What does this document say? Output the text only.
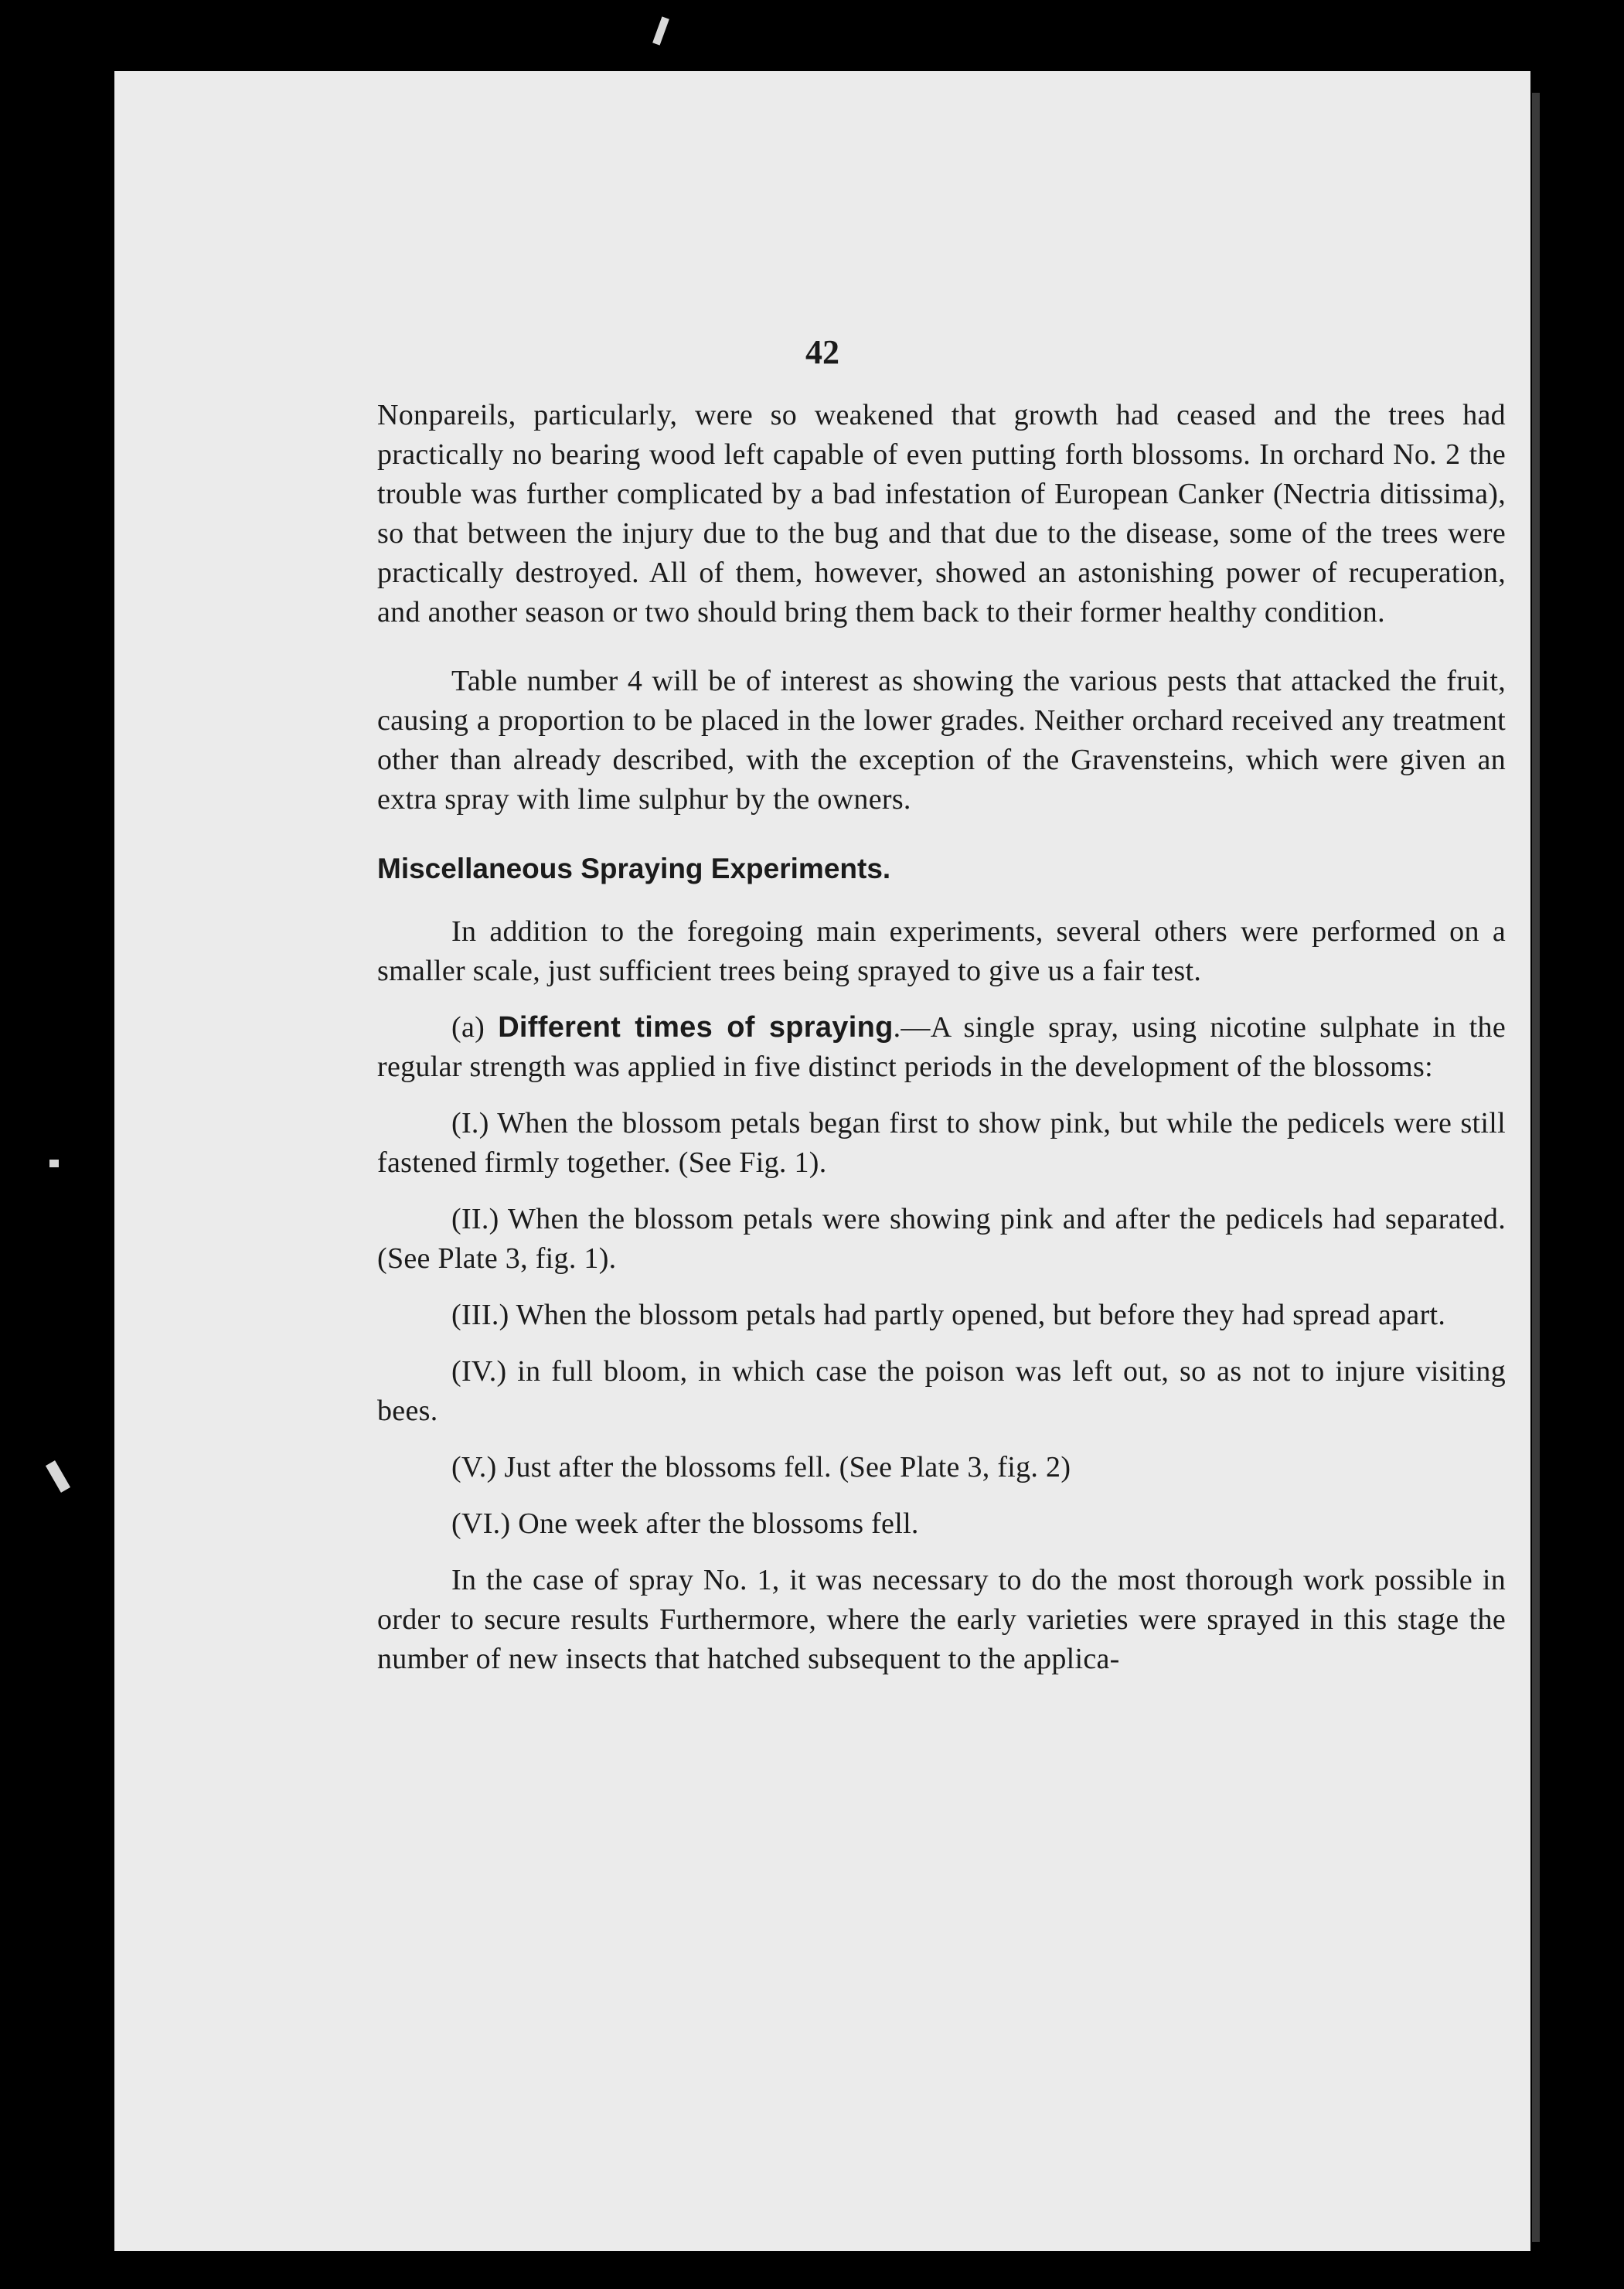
42

Nonpareils, particularly, were so weakened that growth had ceased and the trees had practically no bearing wood left capable of even putting forth blossoms. In orchard No. 2 the trouble was further complicated by a bad infestation of European Canker (Nectria ditissima), so that between the injury due to the bug and that due to the disease, some of the trees were practically destroyed. All of them, however, showed an astonishing power of recuperation, and another season or two should bring them back to their former healthy condition.

Table number 4 will be of interest as showing the various pests that attacked the fruit, causing a proportion to be placed in the lower grades. Neither orchard received any treatment other than already described, with the exception of the Gravensteins, which were given an extra spray with lime sulphur by the owners.

Miscellaneous Spraying Experiments.

In addition to the foregoing main experiments, several others were performed on a smaller scale, just sufficient trees being sprayed to give us a fair test.

(a) Different times of spraying.—A single spray, using nicotine sulphate in the regular strength was applied in five distinct periods in the development of the blossoms:

(I.) When the blossom petals began first to show pink, but while the pedicels were still fastened firmly together. (See Fig. 1).

(II.) When the blossom petals were showing pink and after the pedicels had separated. (See Plate 3, fig. 1).

(III.) When the blossom petals had partly opened, but before they had spread apart.

(IV.) in full bloom, in which case the poison was left out, so as not to injure visiting bees.

(V.) Just after the blossoms fell. (See Plate 3, fig. 2)

(VI.) One week after the blossoms fell.

In the case of spray No. 1, it was necessary to do the most thorough work possible in order to secure results Furthermore, where the early varieties were sprayed in this stage the number of new insects that hatched subsequent to the applica-
